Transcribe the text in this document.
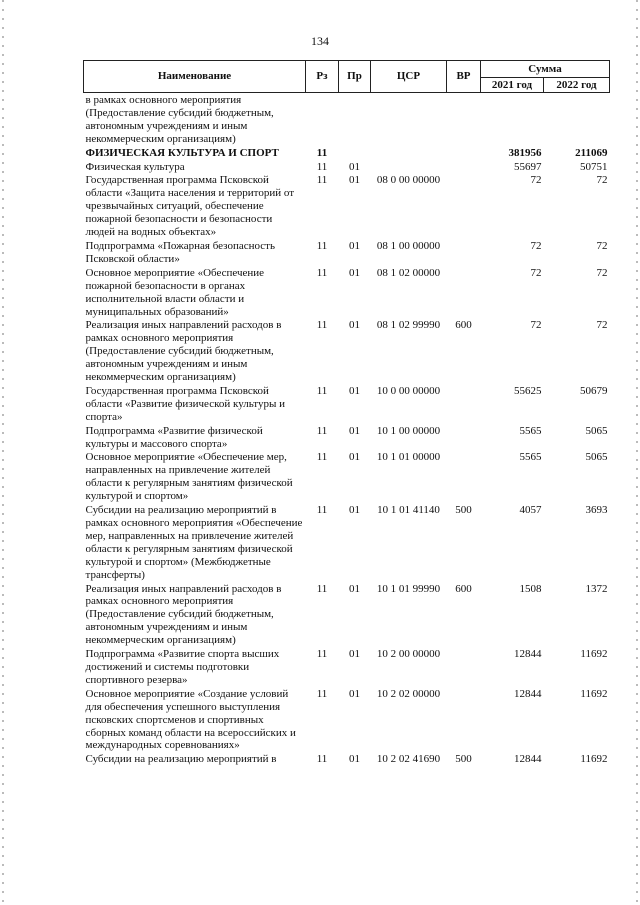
134
Наименование	Рз	Пр	ЦСР	ВР	Сумма	
					2021 год	2022 год
в рамках основного мероприятия (Предоставление субсидий бюджетным, автономным учреждениям и иным некоммерческим организациям)						
ФИЗИЧЕСКАЯ КУЛЬТУРА И СПОРТ	11				381956	211069
Физическая культура	11	01			55697	50751
Государственная программа Псковской области «Защита населения и территорий от чрезвычайных ситуаций, обеспечение пожарной безопасности и безопасности людей на водных объектах»	11	01	08 0 00 00000		72	72
Подпрограмма «Пожарная безопасность Псковской области»	11	01	08 1 00 00000		72	72
Основное мероприятие «Обеспечение пожарной безопасности в органах исполнительной власти области и муниципальных образований»	11	01	08 1 02 00000		72	72
Реализация иных направлений расходов в рамках основного мероприятия (Предоставление субсидий бюджетным, автономным учреждениям и иным некоммерческим организациям)	11	01	08 1 02 99990	600	72	72
Государственная программа Псковской области «Развитие физической культуры и спорта»	11	01	10 0 00 00000		55625	50679
Подпрограмма «Развитие физической культуры и массового спорта»	11	01	10 1 00 00000		5565	5065
Основное мероприятие «Обеспечение мер, направленных на привлечение жителей области к регулярным занятиям физической культурой и спортом»	11	01	10 1 01 00000		5565	5065
Субсидии на реализацию мероприятий в рамках основного мероприятия «Обеспечение мер, направленных на привлечение жителей области к регулярным занятиям физической культурой и спортом» (Межбюджетные трансферты)	11	01	10 1 01 41140	500	4057	3693
Реализация иных направлений расходов в рамках основного мероприятия (Предоставление субсидий бюджетным, автономным учреждениям и иным некоммерческим организациям)	11	01	10 1 01 99990	600	1508	1372
Подпрограмма «Развитие спорта высших достижений и системы подготовки спортивного резерва»	11	01	10 2 00 00000		12844	11692
Основное мероприятие «Создание условий для обеспечения успешного выступления псковских спортсменов и спортивных сборных команд области на всероссийских и международных соревнованиях»	11	01	10 2 02 00000		12844	11692
Субсидии на реализацию мероприятий в	11	01	10 2 02 41690	500	12844	11692
